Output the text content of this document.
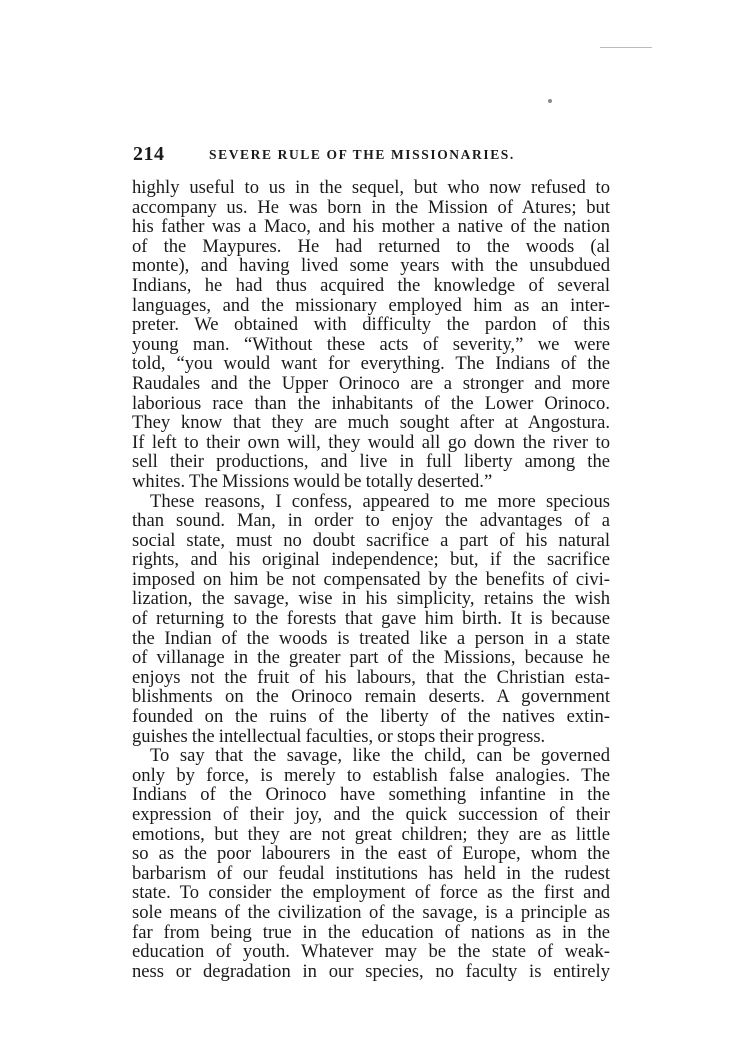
214	SEVERE RULE OF THE MISSIONARIES.

highly useful to us in the sequel, but who now refused to

accompany us. He was born in the Mission of Atures; but

his father was a Maco, and his mother a native of the nation

of the Maypures. He had returned to the woods (al

monte), and having lived some years with the unsubdued

Indians, he had thus acquired the knowledge of several

languages, and the missionary employed him as an inter-

preter. We obtained with difficulty the pardon of this

young man. “Without these acts of severity,” we were

told, “you would want for everything. The Indians of the

Raudales and the Upper Orinoco are a stronger and more

laborious race than the inhabitants of the Lower Orinoco.

They know that they are much sought after at Angostura.

If left to their own will, they would all go down the river to

sell their productions, and live in full liberty among the

whites. The Missions would be totally deserted.”

These reasons, I confess, appeared to me more specious

than sound. Man, in order to enjoy the advantages of a

social state, must no doubt sacrifice a part of his natural

rights, and his original independence; but, if the sacrifice

imposed on him be not compensated by the benefits of civi-

lization, the savage, wise in his simplicity, retains the wish

of returning to the forests that gave him birth. It is because

the Indian of the woods is treated like a person in a state

of villanage in the greater part of the Missions, because he

enjoys not the fruit of his labours, that the Christian esta-

blishments on the Orinoco remain deserts. A government

founded on the ruins of the liberty of the natives extin-

guishes the intellectual faculties, or stops their progress.

To say that the savage, like the child, can be governed

only by force, is merely to establish false analogies. The

Indians of the Orinoco have something infantine in the

expression of their joy, and the quick succession of their

emotions, but they are not great children; they are as little

so as the poor labourers in the east of Europe, whom the

barbarism of our feudal institutions has held in the rudest

state. To consider the employment of force as the first and

sole means of the civilization of the savage, is a principle as

far from being true in the education of nations as in the

education of youth. Whatever may be the state of weak-

ness or degradation in our species, no faculty is entirely
